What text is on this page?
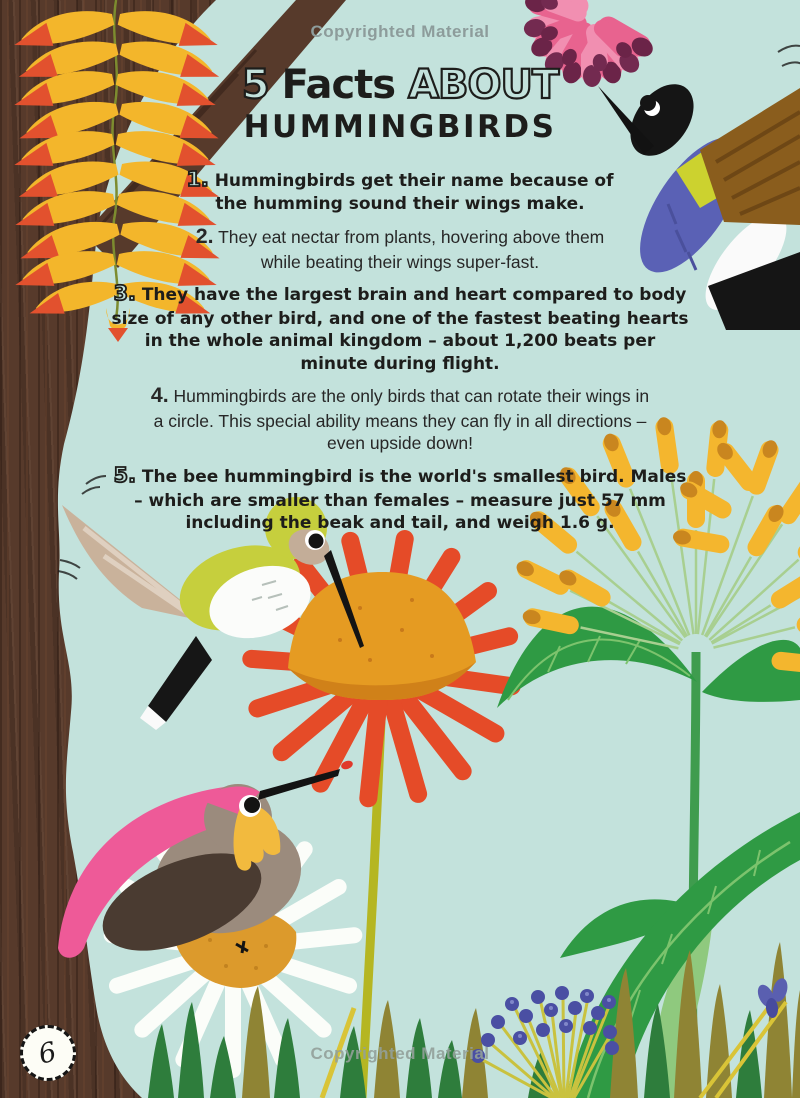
Copyrighted Material
5 Facts ABOUT
HUMMINGBIRDS

1. Hummingbirds get their name because of the humming sound their wings make.

2. They eat nectar from plants, hovering above them while beating their wings super-fast.

3. They have the largest brain and heart compared to body size of any other bird, and one of the fastest beating hearts in the whole animal kingdom – about 1,200 beats per minute during flight.

4. Hummingbirds are the only birds that can rotate their wings in a circle. This special ability means they can fly in all directions – even upside down!

5. The bee hummingbird is the world's smallest bird. Males – which are smaller than females – measure just 57 mm including the beak and tail, and weigh 1.6 g.

6	Copyrighted Material
